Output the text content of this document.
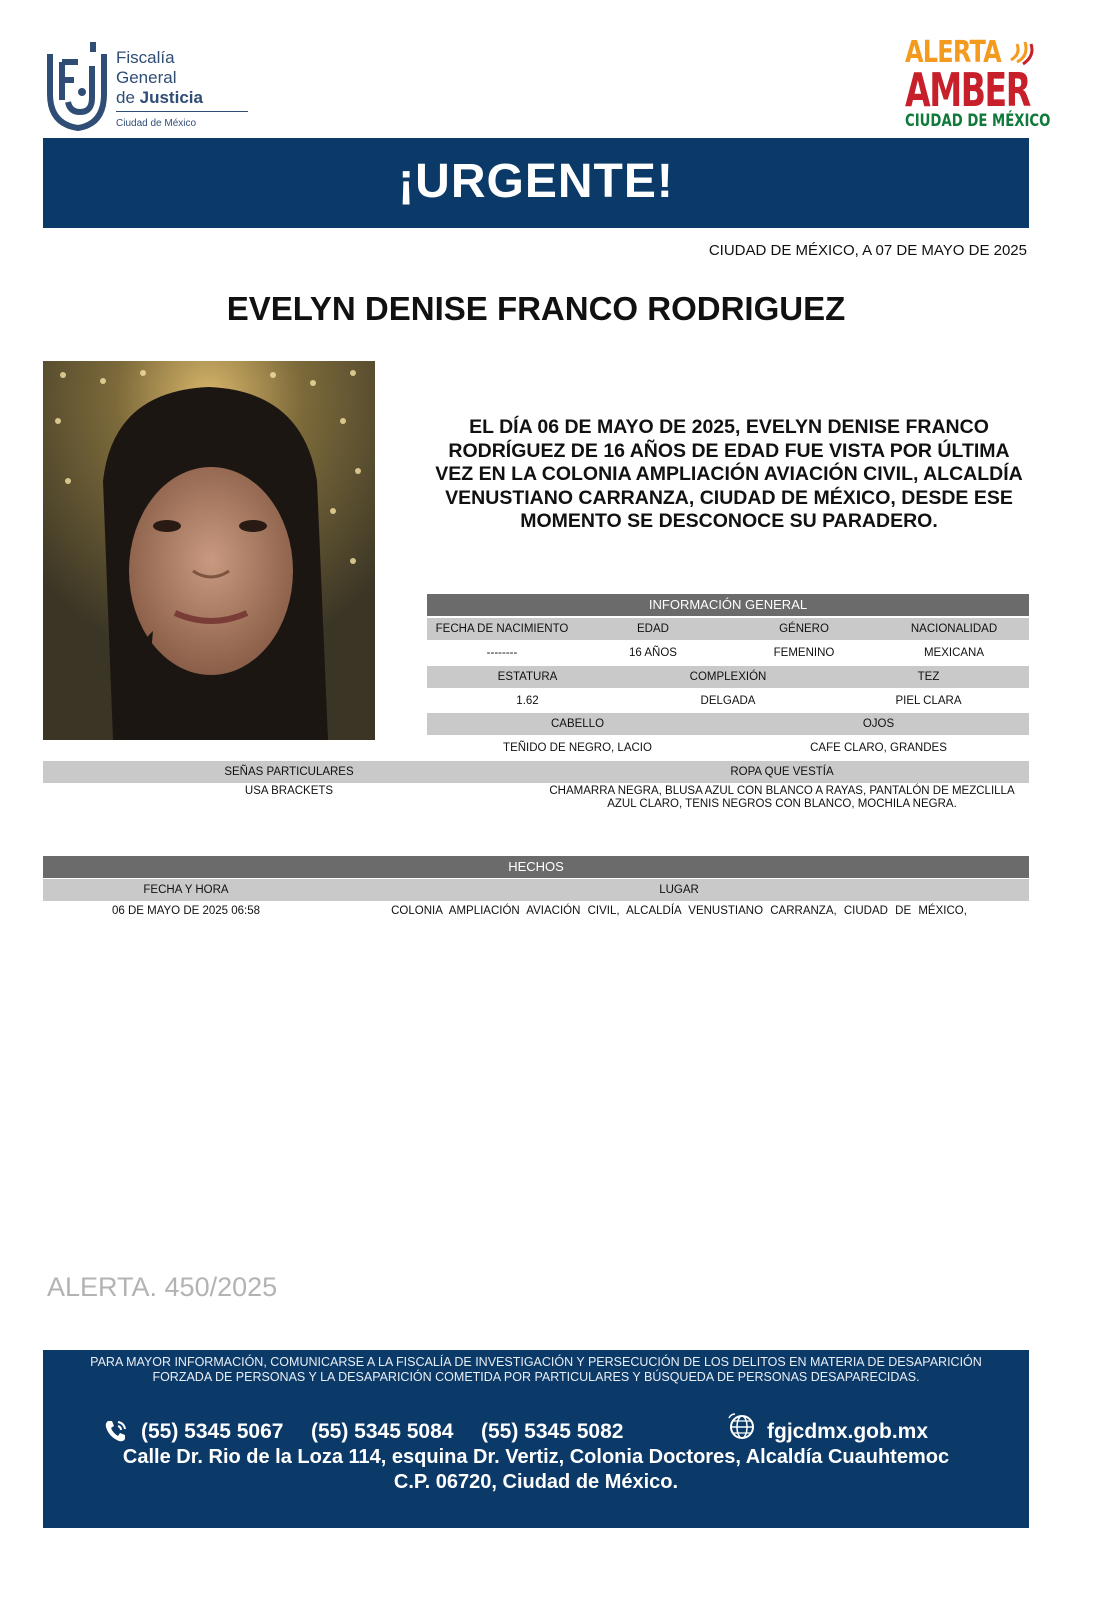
Fiscalía
General
de Justicia
Ciudad de México
ALERTA
AMBER
CIUDAD DE MÉXICO
¡URGENTE!
CIUDAD DE MÉXICO, A 07 DE MAYO DE 2025
EVELYN DENISE FRANCO RODRIGUEZ
EL DÍA 06 DE MAYO DE 2025, EVELYN DENISE FRANCO RODRÍGUEZ DE 16 AÑOS DE EDAD FUE VISTA POR ÚLTIMA VEZ EN LA COLONIA AMPLIACIÓN AVIACIÓN CIVIL, ALCALDÍA VENUSTIANO CARRANZA, CIUDAD DE MÉXICO, DESDE ESE MOMENTO SE DESCONOCE SU PARADERO.
INFORMACIÓN GENERAL
FECHA DE NACIMIENTO	EDAD	GÉNERO	NACIONALIDAD
--------	16 AÑOS	FEMENINO	MEXICANA
ESTATURA	COMPLEXIÓN	TEZ
1.62	DELGADA	PIEL CLARA
CABELLO	OJOS
TEÑIDO DE NEGRO, LACIO	CAFE CLARO, GRANDES
SEÑAS PARTICULARES	ROPA QUE VESTÍA
USA BRACKETS	CHAMARRA NEGRA, BLUSA AZUL CON BLANCO A RAYAS, PANTALÓN DE MEZCLILLA AZUL CLARO, TENIS NEGROS CON BLANCO, MOCHILA NEGRA.
HECHOS
FECHA Y HORA	LUGAR
06 DE MAYO DE 2025 06:58	COLONIA AMPLIACIÓN AVIACIÓN CIVIL, ALCALDÍA VENUSTIANO CARRANZA, CIUDAD DE MÉXICO,
ALERTA. 450/2025
PARA MAYOR INFORMACIÓN, COMUNICARSE A LA FISCALÍA DE INVESTIGACIÓN Y PERSECUCIÓN DE LOS DELITOS EN MATERIA DE DESAPARICIÓN FORZADA DE PERSONAS Y LA DESAPARICIÓN COMETIDA POR PARTICULARES Y BÚSQUEDA DE PERSONAS DESAPARECIDAS.
(55) 5345 5067 (55) 5345 5084 (55) 5345 5082	fgjcdmx.gob.mx
Calle Dr. Rio de la Loza 114, esquina Dr. Vertiz, Colonia Doctores, Alcaldía Cuauhtemoc
C.P. 06720, Ciudad de México.
